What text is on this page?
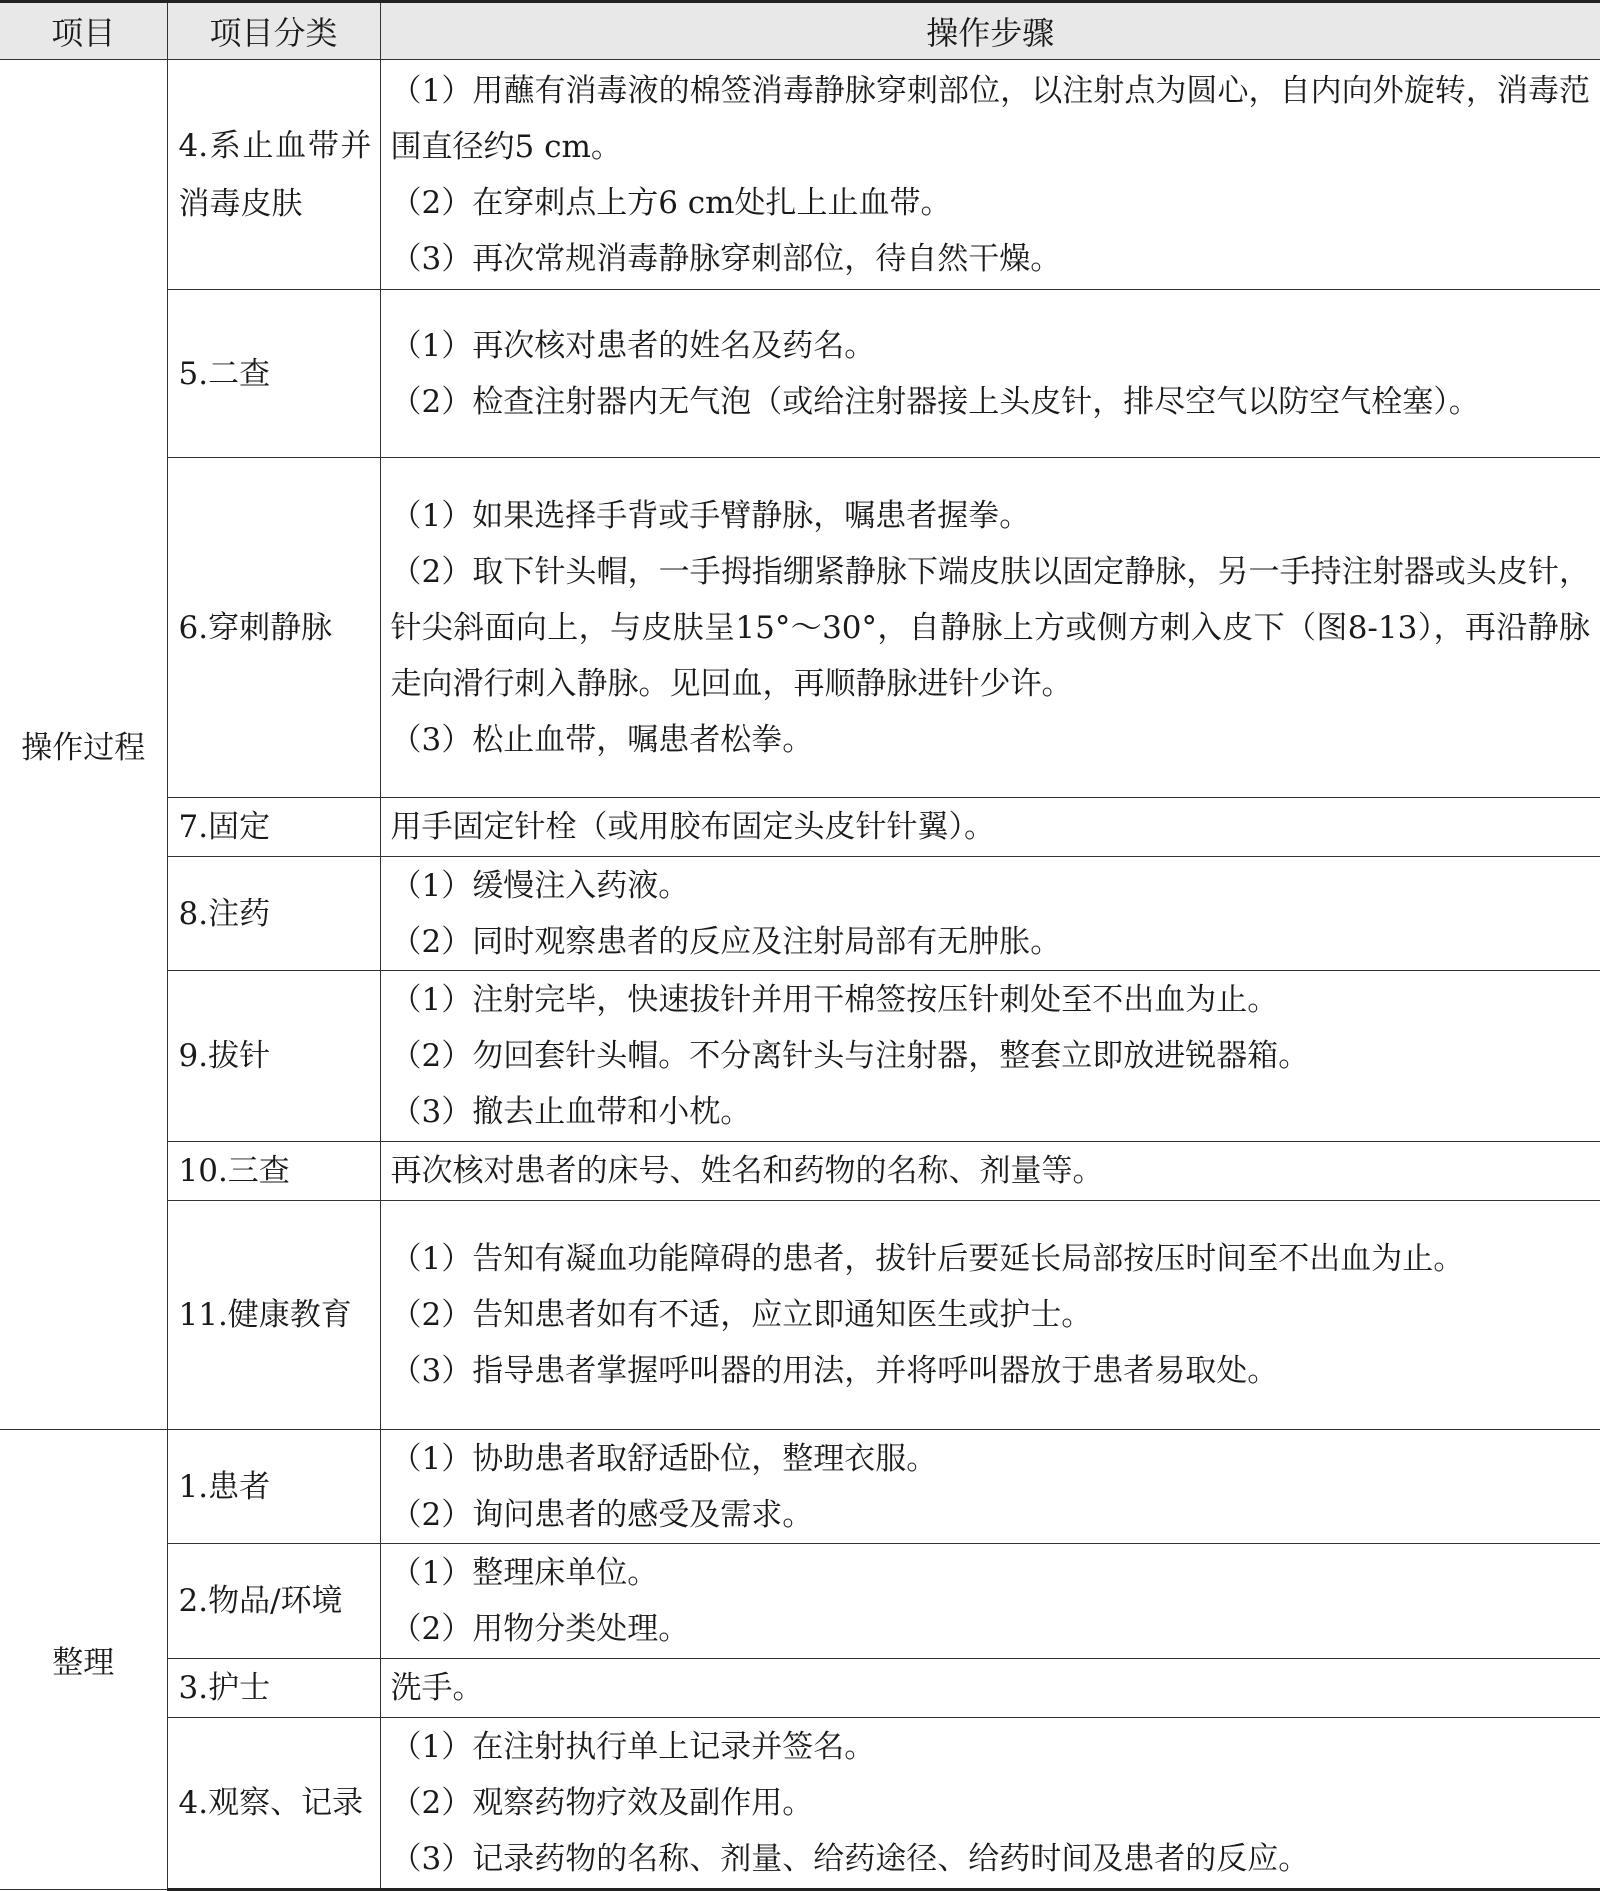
项目	项目分类	操作步骤
操作过程	4.系止血带并消毒皮肤	（1）用蘸有消毒液的棉签消毒静脉穿刺部位，以注射点为圆心，自内向外旋转，消毒范围直径约5 cm。
（2）在穿刺点上方6 cm处扎上止血带。
（3）再次常规消毒静脉穿刺部位，待自然干燥。

	5.二查	（1）再次核对患者的姓名及药名。
（2）检查注射器内无气泡（或给注射器接上头皮针，排尽空气以防空气栓塞）。

	6.穿刺静脉	（1）如果选择手背或手臂静脉，嘱患者握拳。
（2）取下针头帽，一手拇指绷紧静脉下端皮肤以固定静脉，另一手持注射器或头皮针，针尖斜面向上，与皮肤呈15°～30°，自静脉上方或侧方刺入皮下（图8-13），再沿静脉走向滑行刺入静脉。见回血，再顺静脉进针少许。
（3）松止血带，嘱患者松拳。

	7.固定	用手固定针栓（或用胶布固定头皮针针翼）。

	8.注药	（1）缓慢注入药液。
（2）同时观察患者的反应及注射局部有无肿胀。

	9.拔针	（1）注射完毕，快速拔针并用干棉签按压针刺处至不出血为止。
（2）勿回套针头帽。不分离针头与注射器，整套立即放进锐器箱。
（3）撤去止血带和小枕。

	10.三查	再次核对患者的床号、姓名和药物的名称、剂量等。

	11.健康教育	（1）告知有凝血功能障碍的患者，拔针后要延长局部按压时间至不出血为止。
（2）告知患者如有不适，应立即通知医生或护士。
（3）指导患者掌握呼叫器的用法，并将呼叫器放于患者易取处。

整理	1.患者	（1）协助患者取舒适卧位，整理衣服。
（2）询问患者的感受及需求。

	2.物品/环境	（1）整理床单位。
（2）用物分类处理。

	3.护士	洗手。

	4.观察、记录	（1）在注射执行单上记录并签名。
（2）观察药物疗效及副作用。
（3）记录药物的名称、剂量、给药途径、给药时间及患者的反应。
